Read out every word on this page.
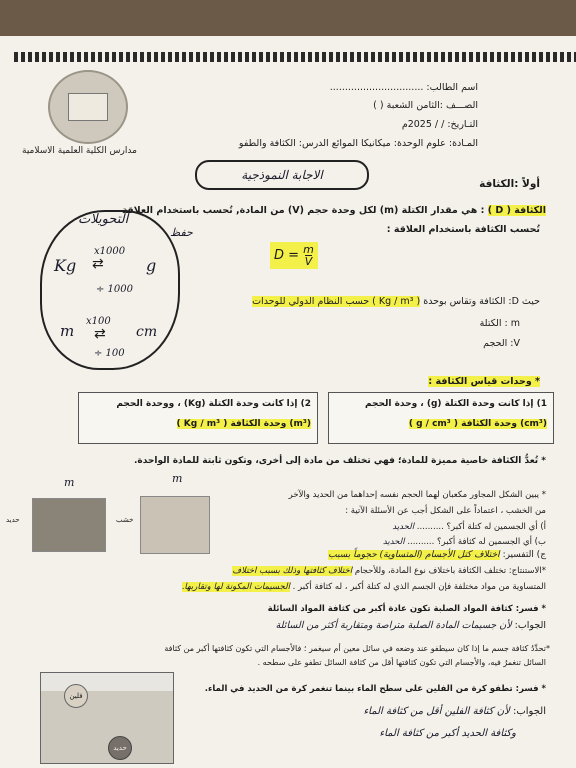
مدارس الكلية العلمية الاسلامية
اسم الطالب: ...............................
الصـــف :الثامن الشعبة ( )
التـاريخ: / / 2025م
المـادة: علوم الوحدة: ميكانيكا الموائع الدرس: الكثافة والطفو
الاجابة النموذجية
أولاً :الكثافة
الكثافة ( D ) : هي مقدار الكتلة (m) لكل وحدة حجم (V) من المادة, تُحسب باستخدام العلاقة
تُحسب الكثافة باستخدام العلاقة :
$D = \frac{m}{V}$
التحويلات
حفظ
Kg
x1000
⇄	g
÷ 1000
m
x100
⇄ cm
÷ 100
حيث D: الكثافة وتقاس بوحدة ( Kg / m³ ) حسب النظام الدولي للوحدات
m : الكتلة
V: الحجم
* وحدات قياس الكثافة :
1) إذا كانت وحدة الكتلة (g) ، وحدة الحجم
(cm³) وحدة الكثافة ( g / cm³ )
2) إذا كانت وحدة الكتلة (Kg) ، ووحدة الحجم
(m³) وحدة الكثافة ( Kg / m³ )
* تُعدُّ الكثافة خاصية مميزة للمادة؛ فهي تختلف من مادة إلى أخرى، وتكون ثابتة للمادة الواحدة.
m	m
خشب
حديد
* يبين الشكل المجاور مكعبان لهما الحجم نفسه إحداهما من الحديد والآخر
من الخشب ، اعتماداً على الشكل أجب عن الأسئلة الآتية :
أ) أي الجسمين له كتلة أكبر؟ .......... الحديد
ب) أي الجسمين له كثافة أكبر؟ .......... الحديد
ج) التفسير: اختلاف كتل الأجسام (المتساوية) حجوماً بسبب
*الاستنتاج: تختلف الكثافة باختلاف نوع المادة، وللأحجام اختلاف كثافتها وذلك بسبب اختلاف
المتساوية من مواد مختلفة فإن الجسم الذي له كتلة أكبر ، له كثافة أكبر . الجسيمات المكونة لها وتقاربها.
* فسر: كثافة المواد الصلبة تكون عادة أكبر من كثافة المواد السائلة
الجواب: لأن جسيمات المادة الصلبة متراصة ومتقاربة أكثر من السائلة
*تحدِّدُ كثافة جسم ما إذا كان سيطفو عند وضعه في سائل معين أم سيغمر ؛ فالأجسام التي تكون كثافتها أكبر من كثافة
السائل تنغمرُ فيه، والأجسام التي تكون كثافتها أقل من كثافة السائل تطفو على سطحه .
فلين
حديد
* فسر: تطفو كرة من الفلين على سطح الماء بينما تنغمر كرة من الحديد في الماء.
الجواب: لأن كثافة الفلين أقل من كثافة الماء
وكثافة الحديد أكبر من كثافة الماء
